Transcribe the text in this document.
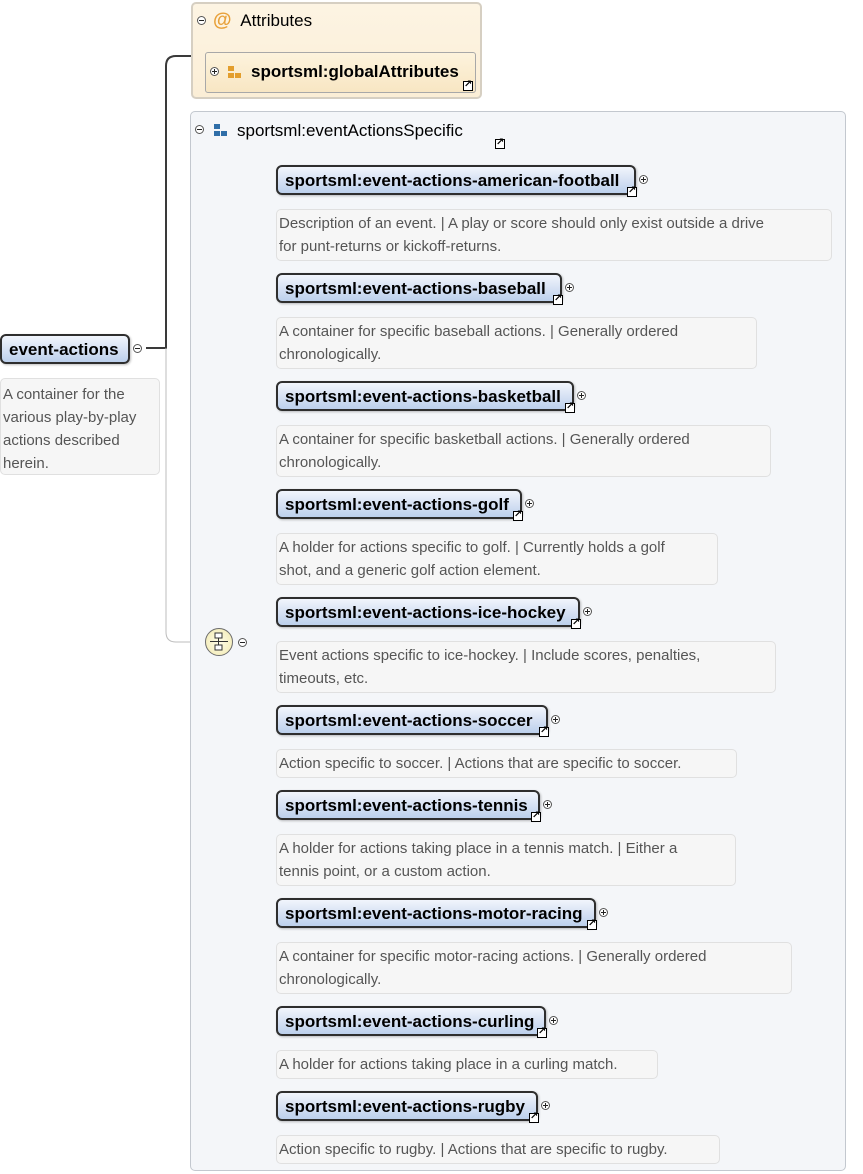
@ Attributes
sportsml:globalAttributes
↗
event-actions
A container for the
various play-by-play
actions described
herein.
sportsml:eventActionsSpecific
↗
sportsml:event-actions-american-football
↗
Description of an event. | A play or score should only exist outside a drive
for punt-returns or kickoff-returns.
sportsml:event-actions-baseball
↗
A container for specific baseball actions. | Generally ordered
chronologically.
sportsml:event-actions-basketball
↗
A container for specific basketball actions. | Generally ordered
chronologically.
sportsml:event-actions-golf
↗
A holder for actions specific to golf. | Currently holds a golf
shot, and a generic golf action element.
sportsml:event-actions-ice-hockey
↗
Event actions specific to ice-hockey. | Include scores, penalties,
timeouts, etc.
sportsml:event-actions-soccer
↗
Action specific to soccer. | Actions that are specific to soccer.
sportsml:event-actions-tennis
↗
A holder for actions taking place in a tennis match. | Either a
tennis point, or a custom action.
sportsml:event-actions-motor-racing
↗
A container for specific motor-racing actions. | Generally ordered
chronologically.
sportsml:event-actions-curling
↗
A holder for actions taking place in a curling match.
sportsml:event-actions-rugby
↗
Action specific to rugby. | Actions that are specific to rugby.
